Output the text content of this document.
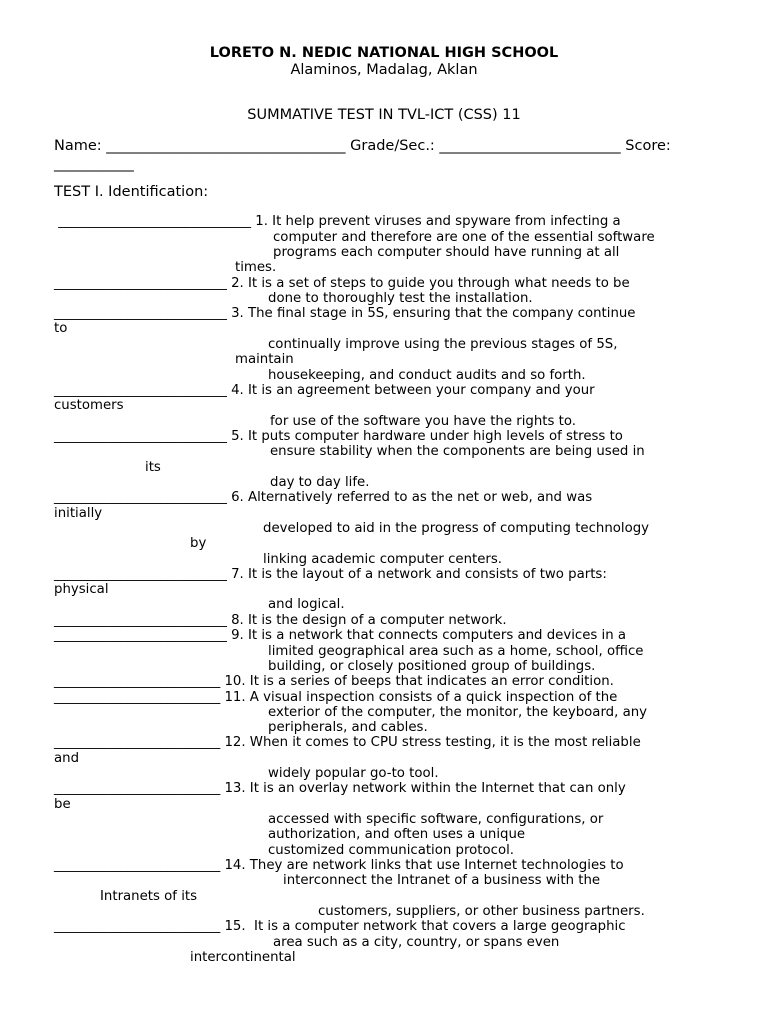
LORETO N. NEDIC NATIONAL HIGH SCHOOL
Alaminos, Madalag, Aklan
SUMMATIVE TEST IN TVL-ICT (CSS) 11
Name: _________________________________ Grade/Sec.: _________________________ Score:
___________
TEST I. Identification:
_____________________________ 1. It help prevent viruses and spyware from infecting a
computer and therefore are one of the essential software
programs each computer should have running at all
times.
__________________________ 2. It is a set of steps to guide you through what needs to be
done to thoroughly test the installation.
__________________________ 3. The final stage in 5S, ensuring that the company continue
to
continually improve using the previous stages of 5S,
maintain
housekeeping, and conduct audits and so forth.
__________________________ 4. It is an agreement between your company and your
customers
for use of the software you have the rights to.
__________________________ 5. It puts computer hardware under high levels of stress to
ensure stability when the components are being used in
its
day to day life.
__________________________ 6. Alternatively referred to as the net or web, and was
initially
developed to aid in the progress of computing technology
by
linking academic computer centers.
__________________________ 7. It is the layout of a network and consists of two parts:
physical
and logical.
__________________________ 8. It is the design of a computer network.
__________________________ 9. It is a network that connects computers and devices in a
limited geographical area such as a home, school, office
building, or closely positioned group of buildings.
_________________________ 10. It is a series of beeps that indicates an error condition.
_________________________ 11. A visual inspection consists of a quick inspection of the
exterior of the computer, the monitor, the keyboard, any
peripherals, and cables.
_________________________ 12. When it comes to CPU stress testing, it is the most reliable
and
widely popular go-to tool.
_________________________ 13. It is an overlay network within the Internet that can only
be
accessed with specific software, configurations, or
authorization, and often uses a unique
customized communication protocol.
_________________________ 14. They are network links that use Internet technologies to
interconnect the Intranet of a business with the
Intranets of its
customers, suppliers, or other business partners.
_________________________ 15.  It is a computer network that covers a large geographic
area such as a city, country, or spans even
intercontinental
